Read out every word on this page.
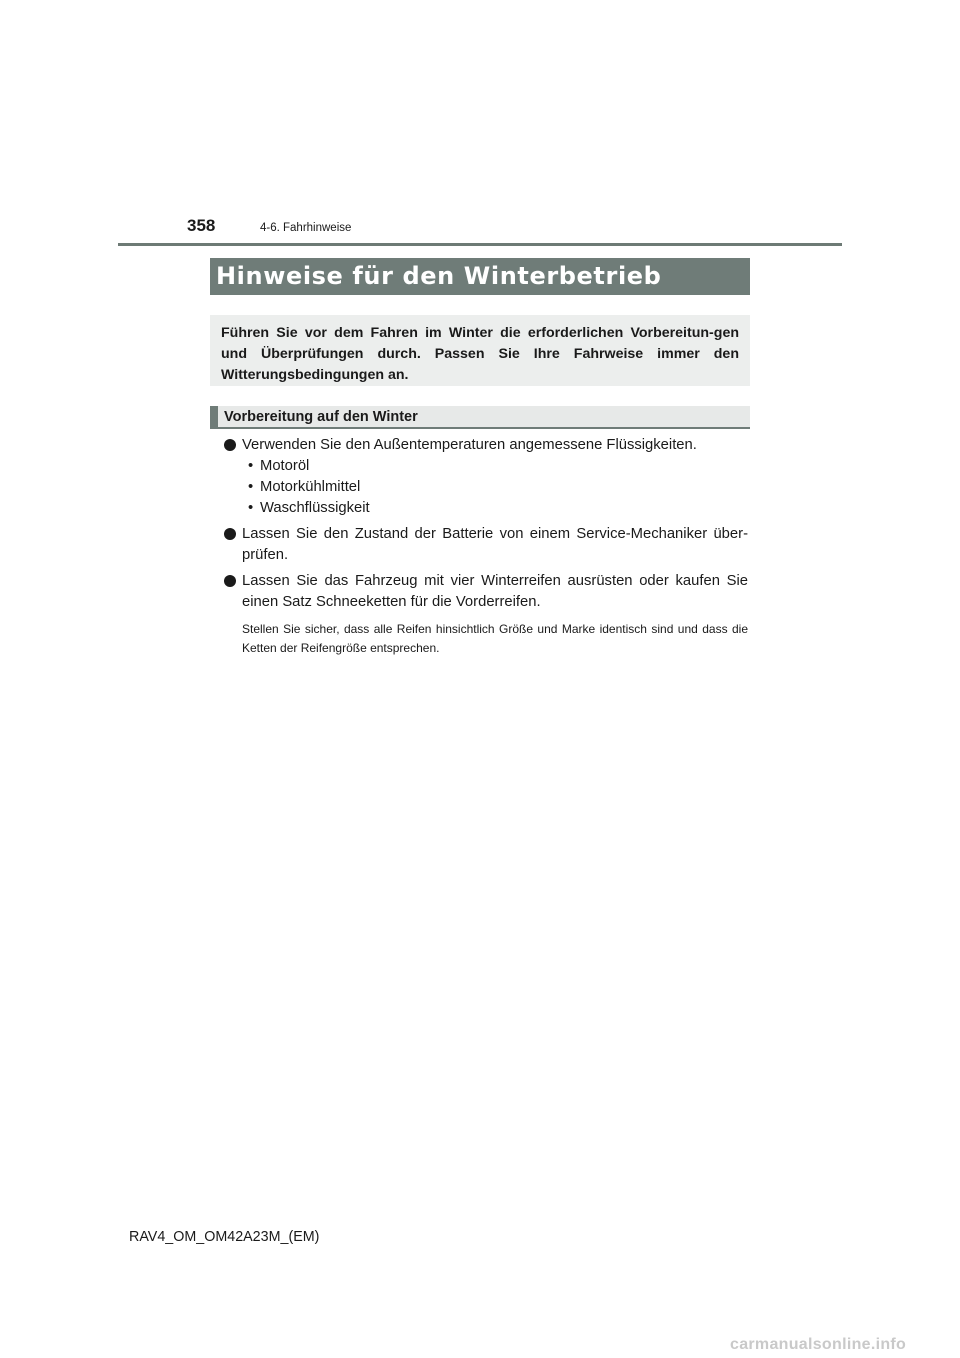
358	4-6. Fahrhinweise
Hinweise für den Winterbetrieb

Führen Sie vor dem Fahren im Winter die erforderlichen Vorbereitun-gen und Überprüfungen durch. Passen Sie Ihre Fahrweise immer den Witterungsbedingungen an.

Vorbereitung auf den Winter
Verwenden Sie den Außentemperaturen angemessene Flüssigkeiten.
• Motoröl
• Motorkühlmittel
• Waschflüssigkeit
Lassen Sie den Zustand der Batterie von einem Service-Mechaniker über-prüfen.
Lassen Sie das Fahrzeug mit vier Winterreifen ausrüsten oder kaufen Sie einen Satz Schneeketten für die Vorderreifen.
Stellen Sie sicher, dass alle Reifen hinsichtlich Größe und Marke identisch sind und dass die Ketten der Reifengröße entsprechen.
RAV4_OM_OM42A23M_(EM)
carmanualsonline.info
